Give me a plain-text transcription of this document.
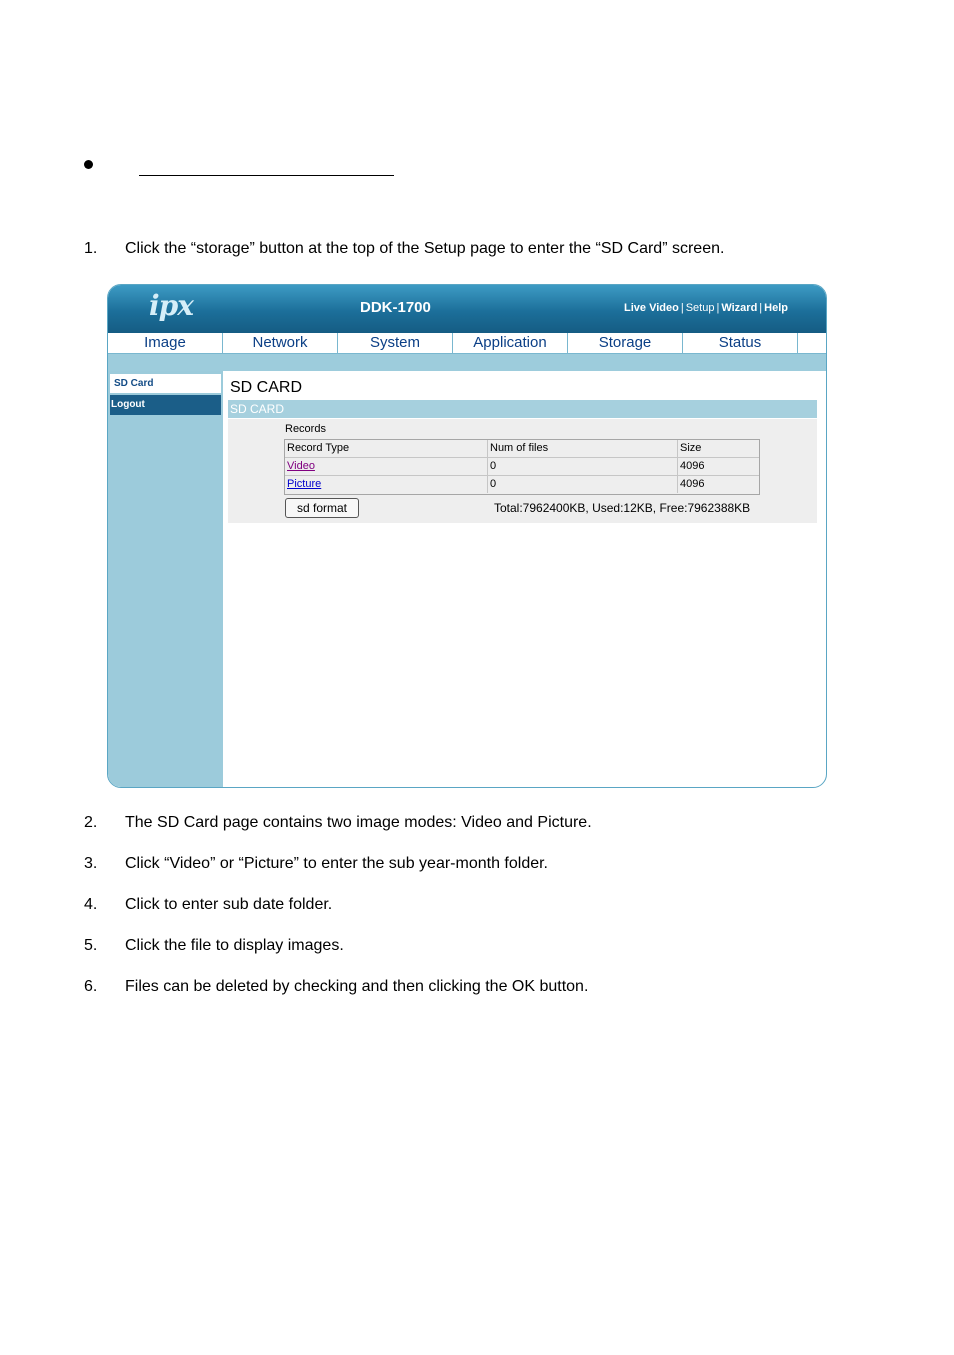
1. Click the “storage” button at the top of the Setup page to enter the “SD Card” screen.
ipx	DDK-1700	Live Video | Setup | Wizard | Help
Image	Network	System	Application	Storage	Status
SD Card
Logout
SD CARD
SD CARD
Records
Record Type	Num of files	Size
Video	0	4096
Picture	0	4096
sd format	Total:7962400KB, Used:12KB, Free:7962388KB
2. The SD Card page contains two image modes: Video and Picture.
3. Click “Video” or “Picture” to enter the sub year-month folder.
4. Click to enter sub date folder.
5. Click the file to display images.
6. Files can be deleted by checking and then clicking the OK button.
